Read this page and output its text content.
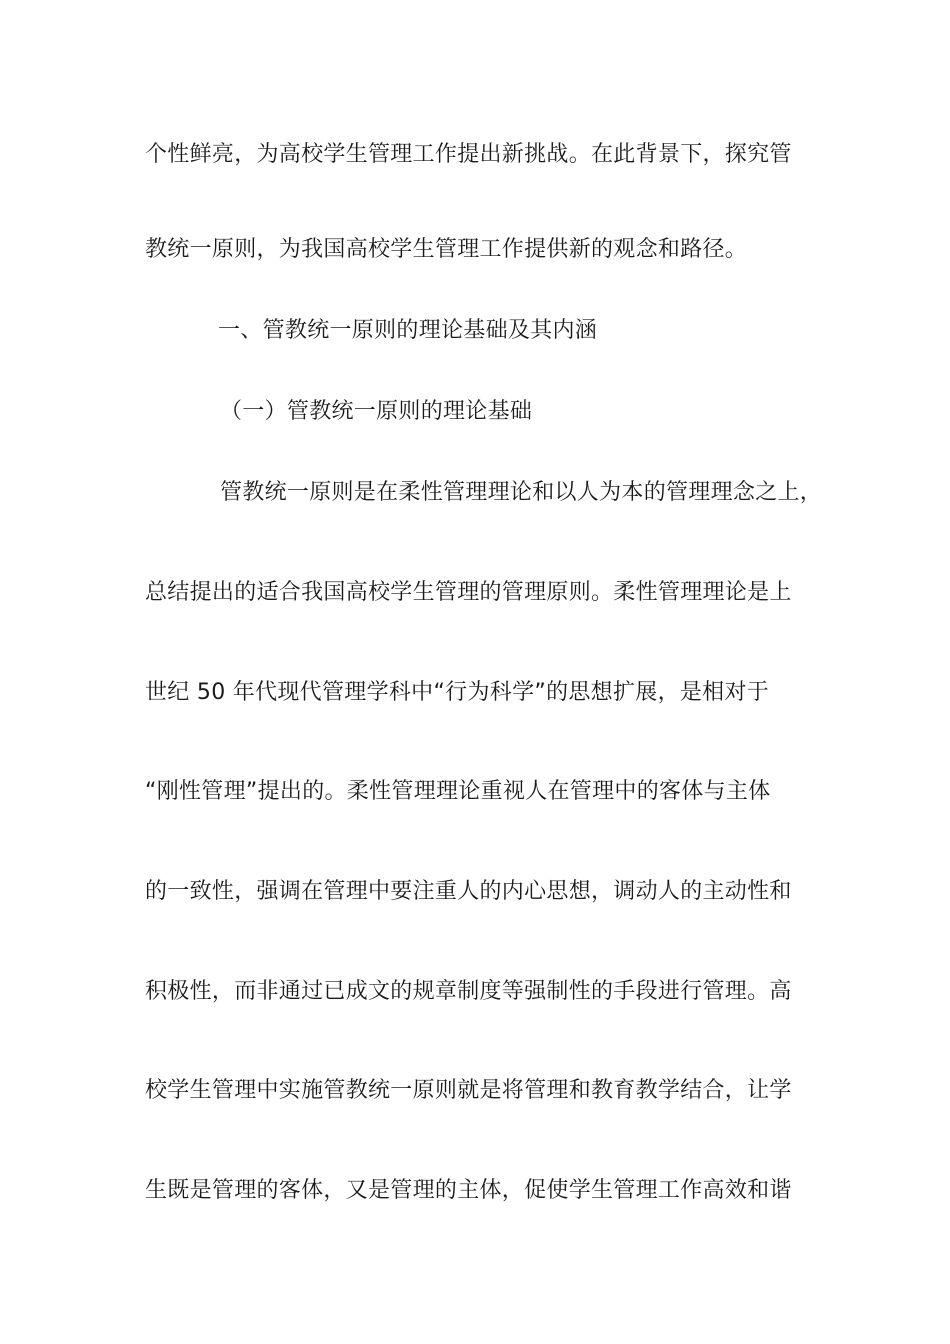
个性鲜亮，为高校学生管理工作提出新挑战。在此背景下，探究管
教统一原则，为我国高校学生管理工作提供新的观念和路径。
一、管教统一原则的理论基础及其内涵
（一）管教统一原则的理论基础
管教统一原则是在柔性管理理论和以人为本的管理理念之上，
总结提出的适合我国高校学生管理的管理原则。柔性管理理论是上
世纪 50 年代现代管理学科中“行为科学”的思想扩展，是相对于
“刚性管理”提出的。柔性管理理论重视人在管理中的客体与主体
的一致性，强调在管理中要注重人的内心思想，调动人的主动性和
积极性，而非通过已成文的规章制度等强制性的手段进行管理。高
校学生管理中实施管教统一原则就是将管理和教育教学结合，让学
生既是管理的客体，又是管理的主体，促使学生管理工作高效和谐
